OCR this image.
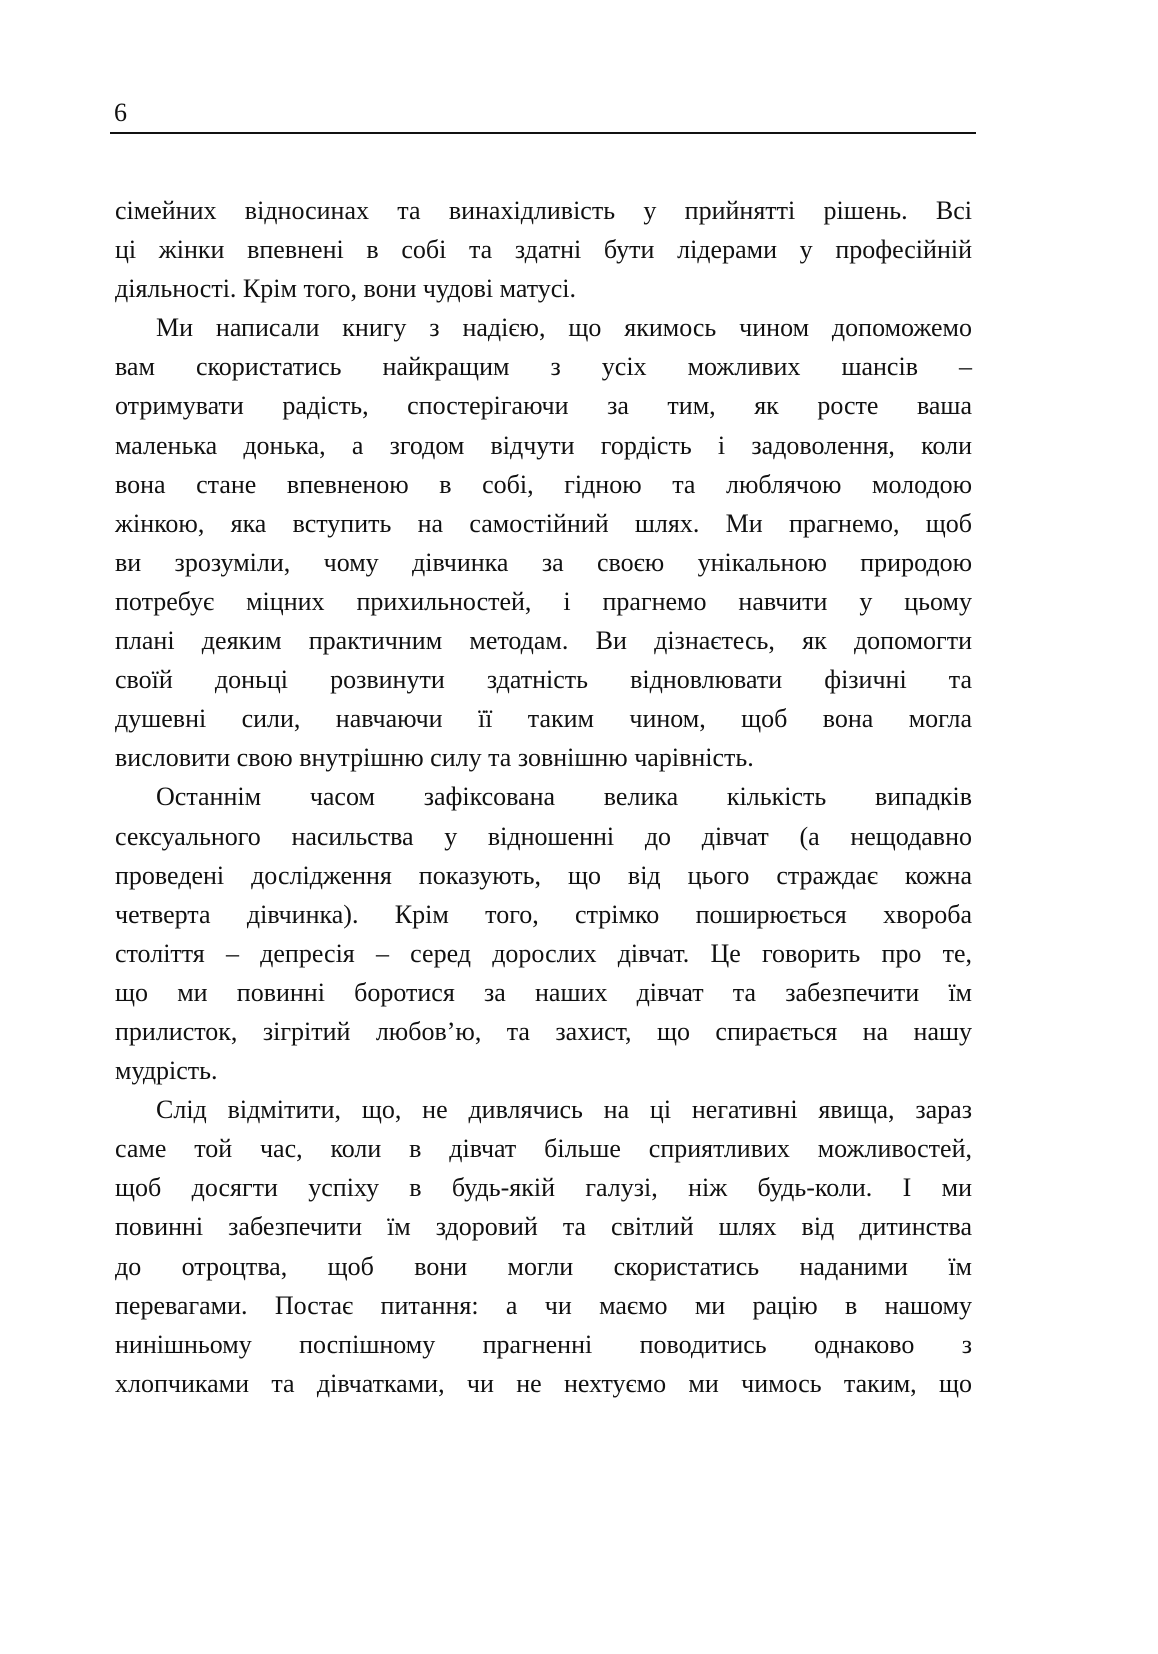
6
сімейних відносинах та винахідливість у прийнятті рішень. Всі
ці жінки впевнені в собі та здатні бути лідерами у професійній
діяльності. Крім того, вони чудові матусі.
Ми написали книгу з надією, що якимось чином допоможемо
вам скористатись найкращим з усіх можливих шансів –
отримувати радість, спостерігаючи за тим, як росте ваша
маленька донька, а згодом відчути гордість і задоволення, коли
вона стане впевненою в собі, гідною та люблячою молодою
жінкою, яка вступить на самостійний шлях. Ми прагнемо, щоб
ви зрозуміли, чому дівчинка за своєю унікальною природою
потребує міцних прихильностей, і прагнемо навчити у цьому
плані деяким практичним методам. Ви дізнаєтесь, як допомогти
своїй доньці розвинути здатність відновлювати фізичні та
душевні сили, навчаючи її таким чином, щоб вона могла
висловити свою внутрішню силу та зовнішню чарівність.
Останнім часом зафіксована велика кількість випадків
сексуального насильства у відношенні до дівчат (а нещодавно
проведені дослідження показують, що від цього страждає кожна
четверта дівчинка). Крім того, стрімко поширюється хвороба
століття – депресія – серед дорослих дівчат. Це говорить про те,
що ми повинні боротися за наших дівчат та забезпечити їм
прилисток, зігрітий любов’ю, та захист, що спирається на нашу
мудрість.
Слід відмітити, що, не дивлячись на ці негативні явища, зараз
саме той час, коли в дівчат більше сприятливих можливостей,
щоб досягти успіху в будь-якій галузі, ніж будь-коли. І ми
повинні забезпечити їм здоровий та світлий шлях від дитинства
до отроцтва, щоб вони могли скористатись наданими їм
перевагами. Постає питання: а чи маємо ми рацію в нашому
нинішньому поспішному прагненні поводитись однаково з
хлопчиками та дівчатками, чи не нехтуємо ми чимось таким, що
